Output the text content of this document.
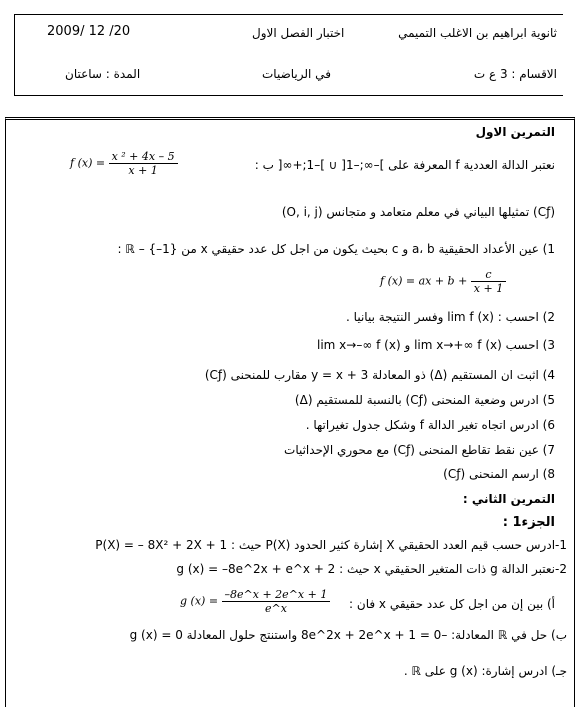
ثانوية ابراهيم بن الاغلب التميمي
اختبار الفصل الاول
2009/ 12 /20
الاقسام : 3 ع ت
في الرياضيات
المدة : ساعتان
التمرين الاول
نعتبر الدالة العددية f المعرفة على ]–∞;–1[ ∪ ]–1;+∞[ ب :
f $(x) = \frac{\text{x ² + 4x – 5}}{x + 1}$
(Cƒ) تمثيلها البياني في معلم متعامد و متجانس (O, i, j)
1) عين الأعداد الحقيقية a، b و c بحيث يكون من اجل كل عدد حقيقي x من ℝ – {–1} :
f (x) = ax + $b + \frac{c}{x + 1}$
2) احسب : lim f (x) وفسر النتيجة بيانيا .
3) احسب lim x→+∞ f (x) و lim x→–∞ f (x)
4) اثبت ان المستقيم (Δ) ذو المعادلة y = x + 3 مقارب للمنحنى (Cƒ)
5) ادرس وضعية المنحنى (Cƒ) بالنسبة للمستقيم (Δ)
6) ادرس اتجاه تغير الدالة f وشكل جدول تغيراتها .
7) عين نقط تقاطع المنحنى (Cƒ) مع محوري الإحداثيات
8) ارسم المنحنى (Cƒ)
التمرين الثاني :
الجزء1 :
1-ادرس حسب قيم العدد الحقيقي X إشارة كثير الحدود P(X) حيث : P(X) = – 8X² + 2X + 1
2-نعتبر الدالة g ذات المتغير الحقيقي x حيث : g (x) = –8e^2x + e^x + 2
أ) بين إن من اجل كل عدد حقيقي x فان :
g $(x) = \frac{-8e\^{}x + 2e\^{}x + 1}{e\^{}x}$
ب) حل في ℝ المعادلة: –8e^2x + 2e^x + 1 = 0 واستنتج حلول المعادلة g (x) = 0
جـ) ادرس إشارة: g (x) على ℝ .
